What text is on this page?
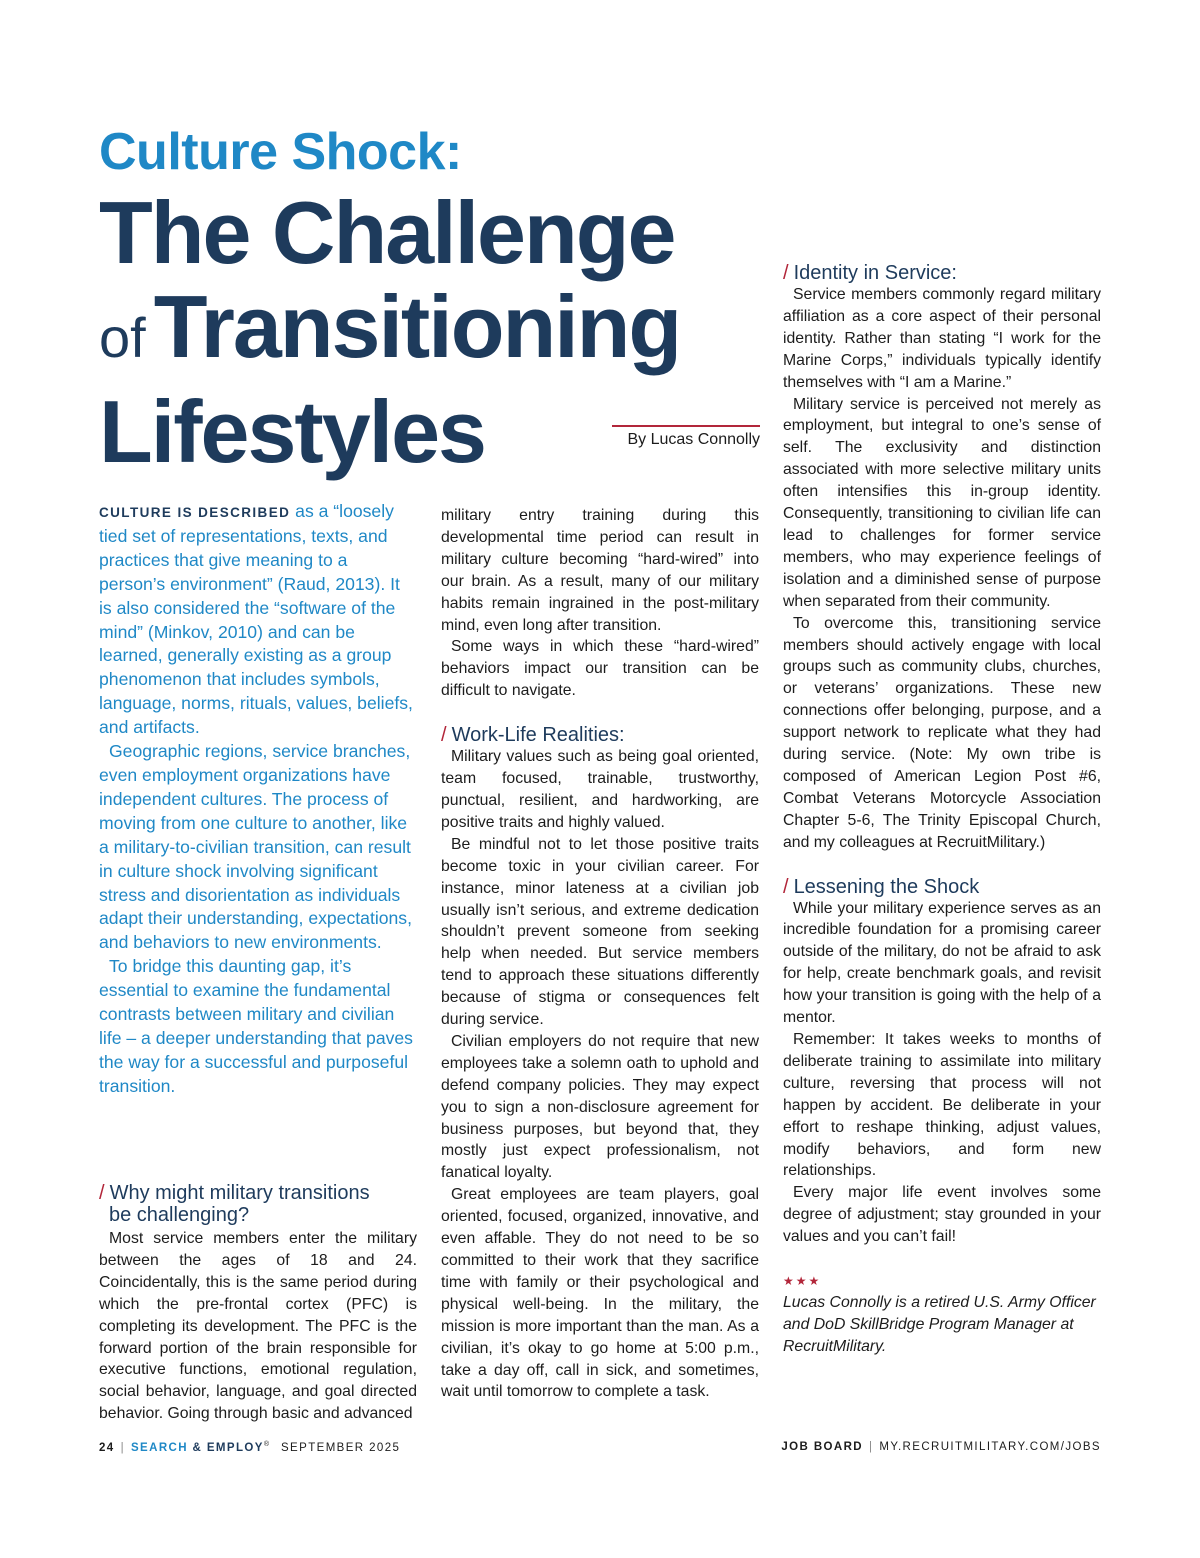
Culture Shock:
The Challenge
ofTransitioning
Lifestyles	By Lucas Connolly

CULTURE IS DESCRIBED as a “loosely tied set of representations, texts, and practices that give meaning to a person’s environment” (Raud, 2013). It is also considered the “software of the mind” (Minkov, 2010) and can be learned, generally existing as a group phenomenon that includes symbols, language, norms, rituals, values, beliefs, and artifacts.

Geographic regions, service branches, even employment organizations have independent cultures. The process of moving from one culture to another, like a military-to-civilian transition, can result in culture shock involving significant stress and disorientation as individuals adapt their understanding, expectations, and behaviors to new environments.

To bridge this daunting gap, it’s essential to examine the fundamental contrasts between military and civilian life – a deeper understanding that paves the way for a successful and purposeful transition.

/ Why might military transitions
be challenging?

Most service members enter the military between the ages of 18 and 24. Coincidentally, this is the same period during which the pre-frontal cortex (PFC) is completing its development. The PFC is the forward portion of the brain responsible for executive functions, emotional regulation, social behavior, language, and goal directed behavior. Going through basic and advanced

military entry training during this developmental time period can result in military culture becoming “hard-wired” into our brain. As a result, many of our military habits remain ingrained in the post-military mind, even long after transition.

Some ways in which these “hard-wired” behaviors impact our transition can be difficult to navigate.

/ Work-Life Realities:

Military values such as being goal oriented, team focused, trainable, trustworthy, punctual, resilient, and hardworking, are positive traits and highly valued.

Be mindful not to let those positive traits become toxic in your civilian career. For instance, minor lateness at a civilian job usually isn’t serious, and extreme dedication shouldn’t prevent someone from seeking help when needed. But service members tend to approach these situations differently because of stigma or consequences felt during service.

Civilian employers do not require that new employees take a solemn oath to uphold and defend company policies. They may expect you to sign a non-disclosure agreement for business purposes, but beyond that, they mostly just expect professionalism, not fanatical loyalty.

Great employees are team players, goal oriented, focused, organized, innovative, and even affable. They do not need to be so committed to their work that they sacrifice time with family or their psychological and physical well-being. In the military, the mission is more important than the man. As a civilian, it’s okay to go home at 5:00 p.m., take a day off, call in sick, and sometimes, wait until tomorrow to complete a task.

/ Identity in Service:

Service members commonly regard military affiliation as a core aspect of their personal identity. Rather than stating “I work for the Marine Corps,” individuals typically identify themselves with “I am a Marine.”

Military service is perceived not merely as employment, but integral to one’s sense of self. The exclusivity and distinction associated with more selective military units often intensifies this in-group identity. Consequently, transitioning to civilian life can lead to challenges for former service members, who may experience feelings of isolation and a diminished sense of purpose when separated from their community.

To overcome this, transitioning service members should actively engage with local groups such as community clubs, churches, or veterans’ organizations. These new connections offer belonging, purpose, and a support network to replicate what they had during service. (Note: My own tribe is composed of American Legion Post #6, Combat Veterans Motorcycle Association Chapter 5-6, The Trinity Episcopal Church, and my colleagues at RecruitMilitary.)

/ Lessening the Shock

While your military experience serves as an incredible foundation for a promising career outside of the military, do not be afraid to ask for help, create benchmark goals, and revisit how your transition is going with the help of a mentor.

Remember: It takes weeks to months of deliberate training to assimilate into military culture, reversing that process will not happen by accident. Be deliberate in your effort to reshape thinking, adjust values, modify behaviors, and form new relationships.

Every major life event involves some degree of adjustment; stay grounded in your values and you can’t fail!

★★★

Lucas Connolly is a retired U.S. Army Officer and DoD SkillBridge Program Manager at RecruitMilitary.

24 | SEARCH & EMPLOY® SEPTEMBER 2025	JOB BOARD | MY.RECRUITMILITARY.COM/JOBS
